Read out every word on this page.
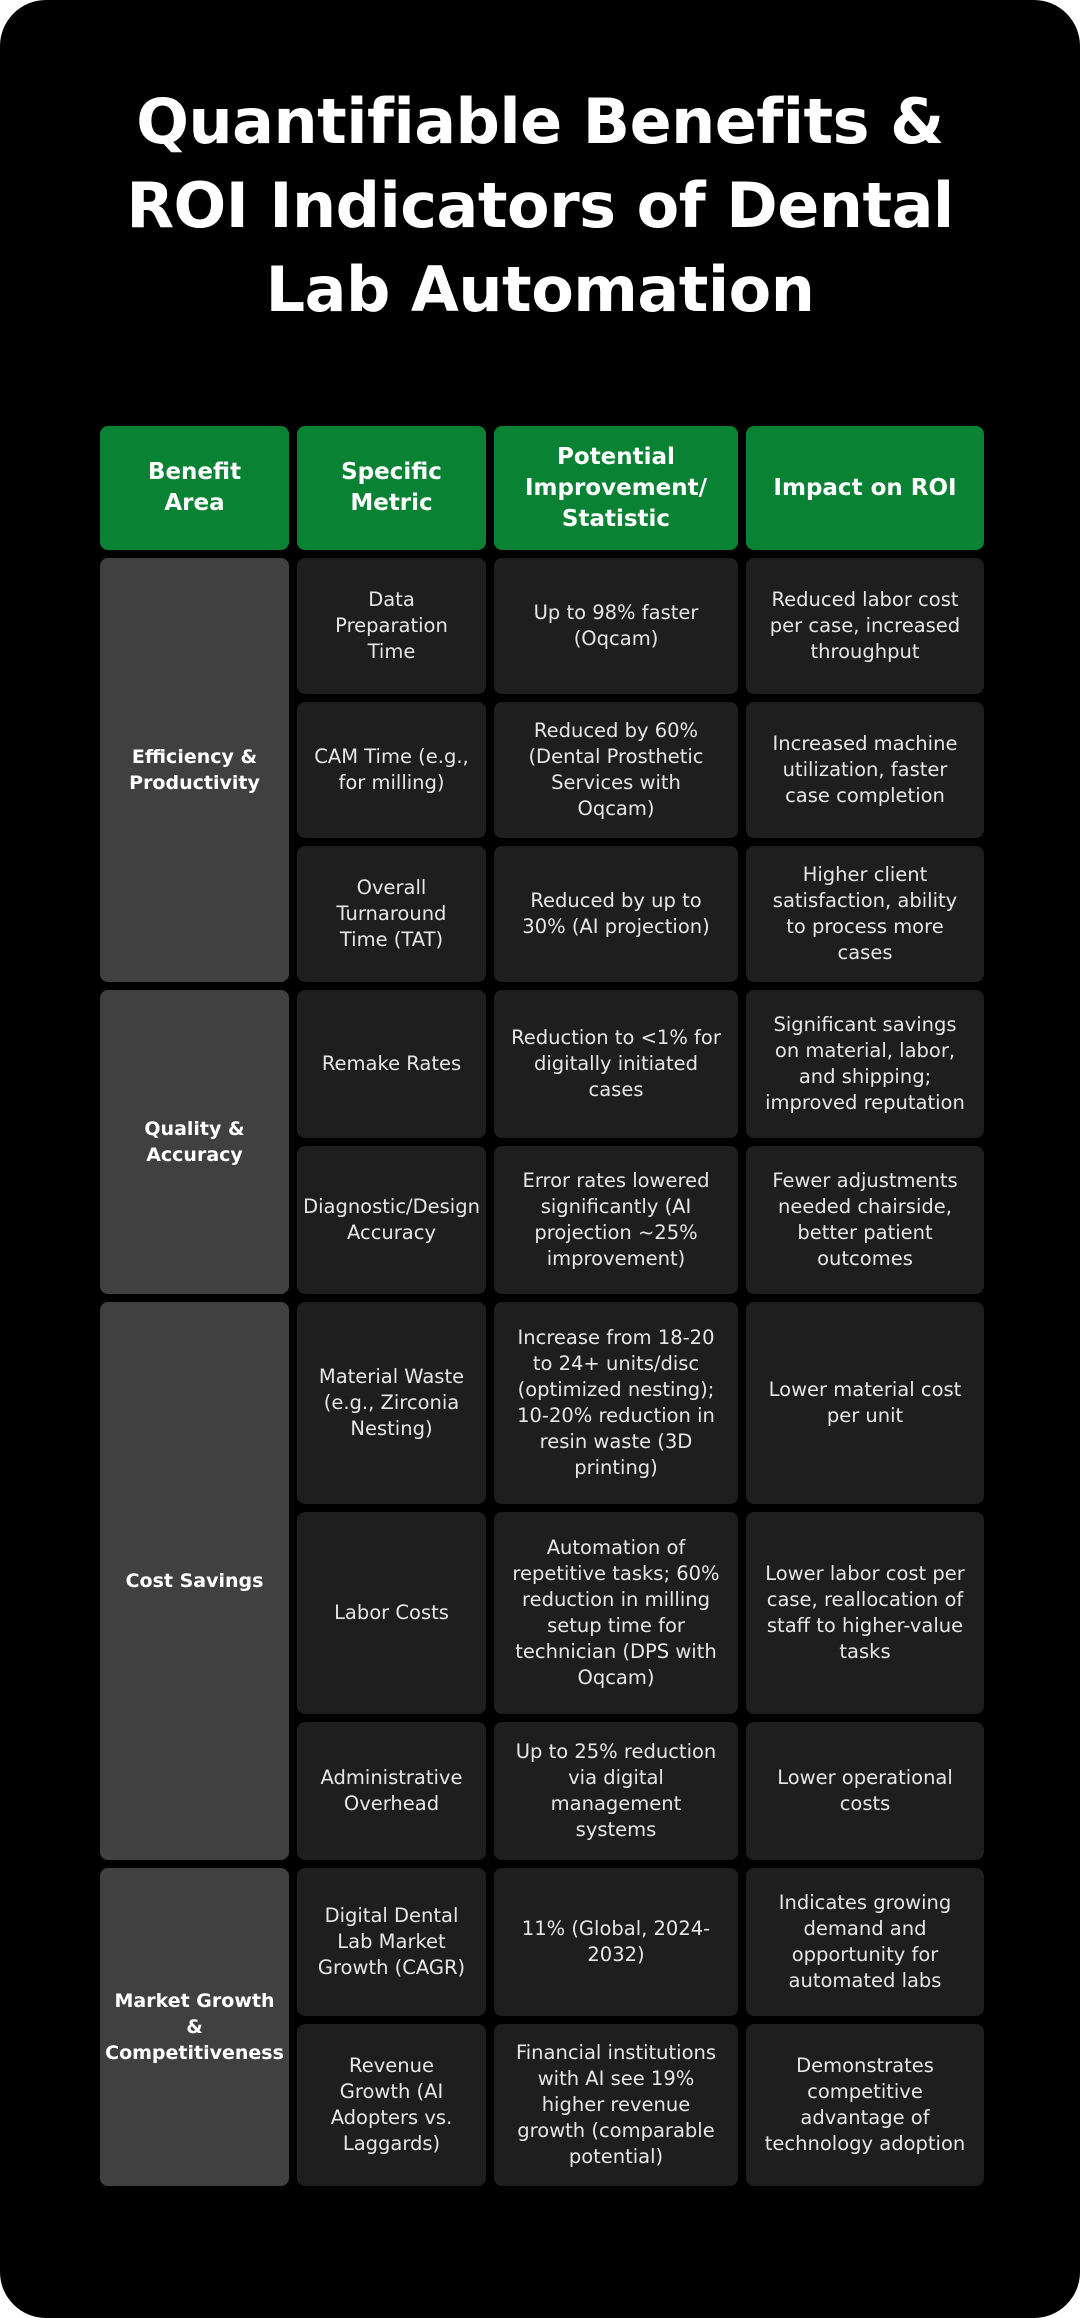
Quantifiable Benefits & ROI Indicators of Dental Lab Automation
Benefit Area
Specific Metric
Potential Improvement/ Statistic
Impact on ROI
Efficiency & Productivity
Quality & Accuracy
Cost Savings
Market Growth & Competitiveness
Data Preparation Time
Up to 98% faster (Oqcam)
Reduced labor cost per case, increased throughput
CAM Time (e.g., for milling)
Reduced by 60% (Dental Prosthetic Services with Oqcam)
Increased machine utilization, faster case completion
Overall Turnaround Time (TAT)
Reduced by up to 30% (AI projection)
Higher client satisfaction, ability to process more cases
Remake Rates
Reduction to <1% for digitally initiated cases
Significant savings on material, labor, and shipping; improved reputation
Diagnostic/Design Accuracy
Error rates lowered significantly (AI projection ~25% improvement)
Fewer adjustments needed chairside, better patient outcomes
Material Waste (e.g., Zirconia Nesting)
Increase from 18-20 to 24+ units/disc (optimized nesting); 10-20% reduction in resin waste (3D printing)
Lower material cost per unit
Labor Costs
Automation of repetitive tasks; 60% reduction in milling setup time for technician (DPS with Oqcam)
Lower labor cost per case, reallocation of staff to higher-value tasks
Administrative Overhead
Up to 25% reduction via digital management systems
Lower operational costs
Digital Dental Lab Market Growth (CAGR)
11% (Global, 2024-2032)
Indicates growing demand and opportunity for automated labs
Revenue Growth (AI Adopters vs. Laggards)
Financial institutions with AI see 19% higher revenue growth (comparable potential)
Demonstrates competitive advantage of technology adoption
